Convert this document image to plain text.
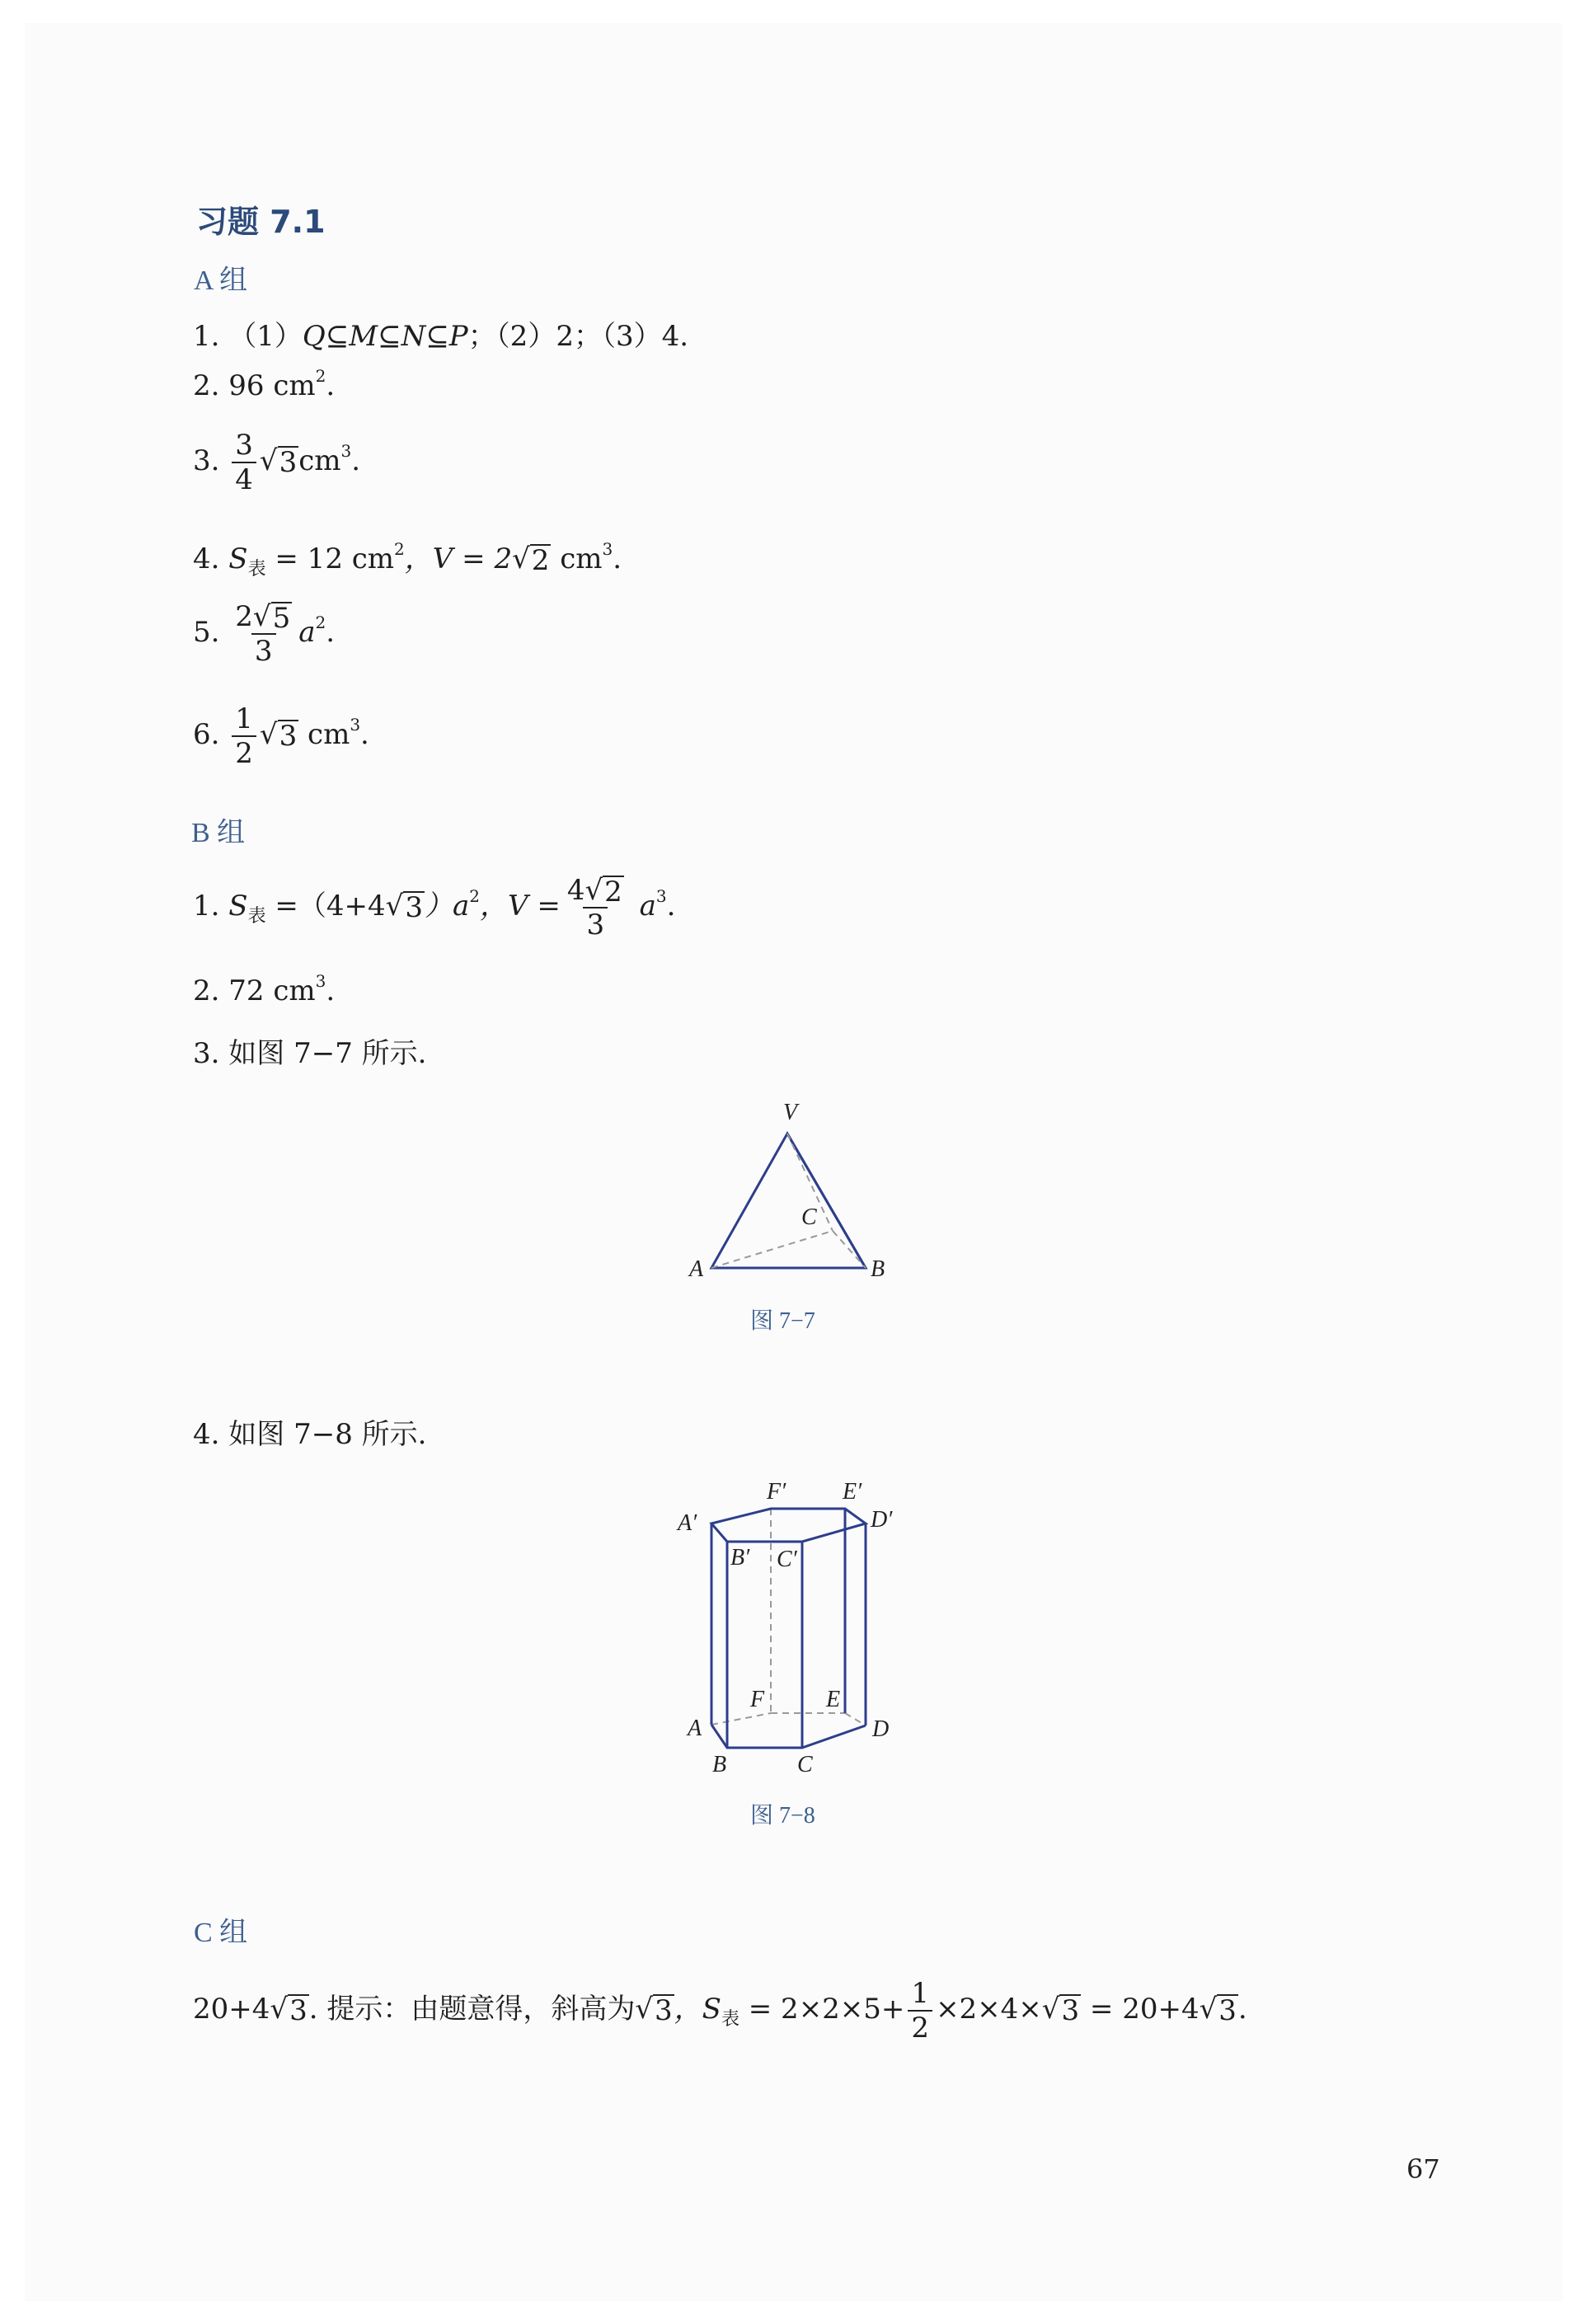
习题 7.1
A 组
1. （1）Q⊆M⊆N⊆P；（2）2；（3）4.
2. 96 $cm^2$.
3. $\frac{3}{4}$ √ 3 $cm^3$.
4. $S_表 = 12$ $cm^2$，V = 2 √ 2 $cm^3$.
5. $\frac{2 √ 5}{3} a^2$.
6. $\frac{1}{2}$ √ 3 $cm^3$.
B 组
1. $S_表 =(4+4$ √ 3 ）$a^2$，$V = \frac{4 √ 2}{3} a^3$.
2. 72 $cm^3$.
3. 如图 7−7 所示.
V
A	B
C
图 7−7
4. 如图 7−8 所示.
F′ E′
D′
A′
B′ C′
F	E
D
A
B	C
图 7−8
C 组
20+4 √ 3 . 提示：由题意得，斜高为 √ 3 ，$S_表 = 2\times 2\times 5+ \frac{1}{2} \times 2\times 4\times$ √ 3 = 20+4 √ 3 .
67
